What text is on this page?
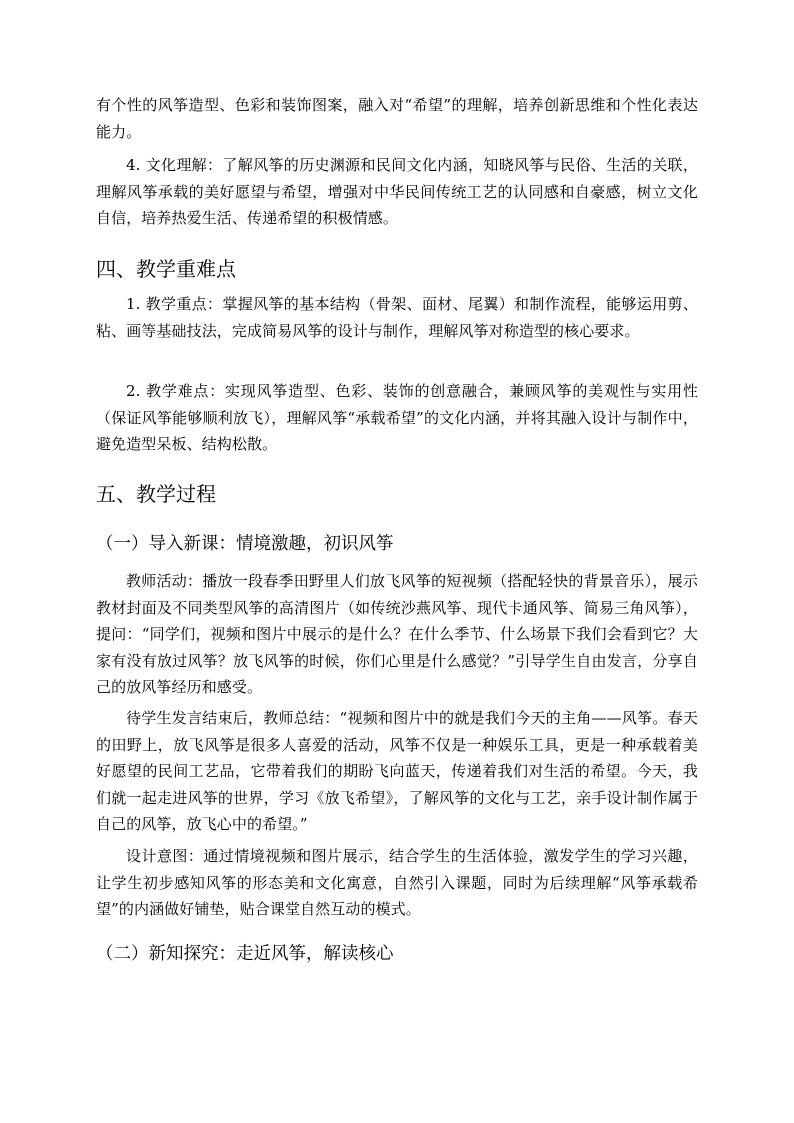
有个性的风筝造型、色彩和装饰图案，融入对“希望”的理解，培养创新思维和个性化表达能力。

4. 文化理解：了解风筝的历史渊源和民间文化内涵，知晓风筝与民俗、生活的关联，理解风筝承载的美好愿望与希望，增强对中华民间传统工艺的认同感和自豪感，树立文化自信，培养热爱生活、传递希望的积极情感。

四、教学重难点

1. 教学重点：掌握风筝的基本结构（骨架、面材、尾翼）和制作流程，能够运用剪、粘、画等基础技法，完成简易风筝的设计与制作，理解风筝对称造型的核心要求。

2. 教学难点：实现风筝造型、色彩、装饰的创意融合，兼顾风筝的美观性与实用性（保证风筝能够顺利放飞），理解风筝“承载希望”的文化内涵，并将其融入设计与制作中，避免造型呆板、结构松散。

五、教学过程
（一）导入新课：情境激趣，初识风筝

教师活动：播放一段春季田野里人们放飞风筝的短视频（搭配轻快的背景音乐），展示教材封面及不同类型风筝的高清图片（如传统沙燕风筝、现代卡通风筝、简易三角风筝），提问：“同学们，视频和图片中展示的是什么？在什么季节、什么场景下我们会看到它？大家有没有放过风筝？放飞风筝的时候，你们心里是什么感觉？”引导学生自由发言，分享自己的放风筝经历和感受。

待学生发言结束后，教师总结：“视频和图片中的就是我们今天的主角——风筝。春天的田野上，放飞风筝是很多人喜爱的活动，风筝不仅是一种娱乐工具，更是一种承载着美好愿望的民间工艺品，它带着我们的期盼飞向蓝天，传递着我们对生活的希望。今天，我们就一起走进风筝的世界，学习《放飞希望》，了解风筝的文化与工艺，亲手设计制作属于自己的风筝，放飞心中的希望。”

设计意图：通过情境视频和图片展示，结合学生的生活体验，激发学生的学习兴趣，让学生初步感知风筝的形态美和文化寓意，自然引入课题，同时为后续理解“风筝承载希望”的内涵做好铺垫，贴合课堂自然互动的模式。

（二）新知探究：走近风筝，解读核心
